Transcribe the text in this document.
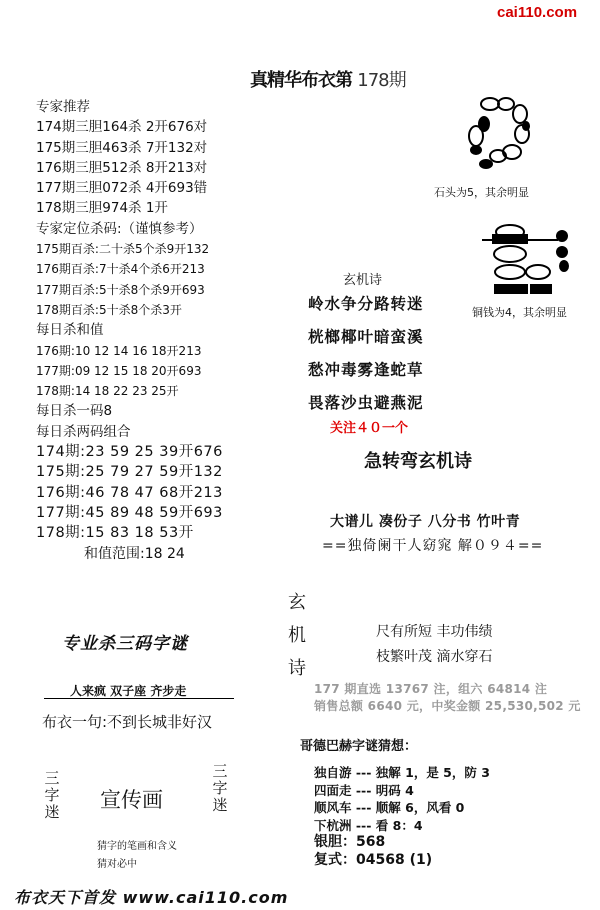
cai110.com
真精华布衣第 178期
专家推荐
174期三胆164杀 2开676对
175期三胆463杀 7开132对
176期三胆512杀 8开213对
177期三胆072杀 4开693错
178期三胆974杀 1开
专家定位杀码:（谨慎参考）
175期百杀:二十杀5个杀9开132
176期百杀:7十杀4个杀6开213
177期百杀:5十杀8个杀9开693
178期百杀:5十杀8个杀3开
每日杀和值
176期:10 12 14 16 18开213
177期:09 12 15 18 20开693
178期:14 18 22 23 25开
每日杀一码8
每日杀两码组合
174期:23 59 25 39开676
175期:25 79 27 59开132
176期:46 78 47 68开213
177期:45 89 48 59开693
178期:15 83 18 53开
和值范围:18 24
专业杀三码字谜
人来疯 双子座 齐步走
布衣一句:不到长城非好汉
三字迷
三字迷
宣传画
猜字的笔画和含义
猜对必中
布衣天下首发 www.cai110.com
石头为5，其余明显
铜钱为4，其余明显
玄机诗
岭水争分路转迷
桄榔椰叶暗蛮溪
愁冲毒雾逢蛇草
畏落沙虫避燕泥
关注４０一个
急转弯玄机诗
大谱儿 凑份子 八分书 竹叶青
==独倚阑干人窈窕 解０９４==
玄
机
诗
尺有所短 丰功伟绩
枝繁叶茂 滴水穿石
177 期直选 13767 注，组六 64814 注
销售总额 6640 元，中奖金额 25,530,502 元
哥德巴赫字谜猜想：
独自游 --- 独解 1，是 5，防 3
四面走 --- 明码 4
顺风车 --- 顺解 6，风看 0
下杭洲 --- 看 8：4
银胆：568
复式：04568 (1)
